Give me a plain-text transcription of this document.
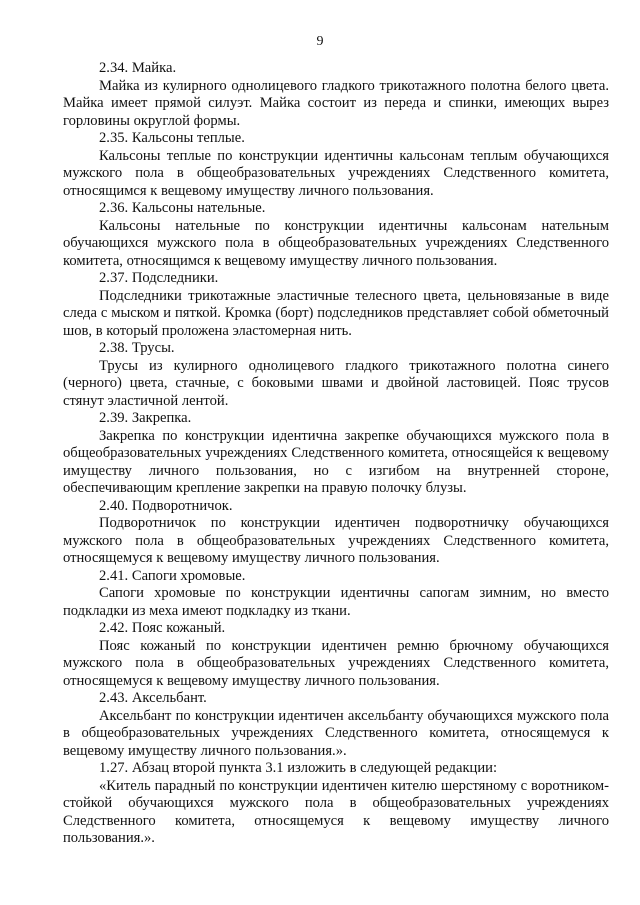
9

2.34. Майка.

Майка из кулирного однолицевого гладкого трикотажного полотна белого цвета. Майка имеет прямой силуэт. Майка состоит из переда и спинки, имеющих вырез горловины округлой формы.

2.35. Кальсоны теплые.

Кальсоны теплые по конструкции идентичны кальсонам теплым обучающихся мужского пола в общеобразовательных учреждениях Следственного комитета, относящимся к вещевому имуществу личного пользования.

2.36. Кальсоны нательные.

Кальсоны нательные по конструкции идентичны кальсонам нательным обучающихся мужского пола в общеобразовательных учреждениях Следственного комитета, относящимся к вещевому имуществу личного пользования.

2.37. Подследники.

Подследники трикотажные эластичные телесного цвета, цельновязаные в виде следа с мыском и пяткой. Кромка (борт) подследников представляет собой обметочный шов, в который проложена эластомерная нить.

2.38. Трусы.

Трусы из кулирного однолицевого гладкого трикотажного полотна синего (черного) цвета, стачные, с боковыми швами и двойной ластовицей. Пояс трусов стянут эластичной лентой.

2.39. Закрепка.

Закрепка по конструкции идентична закрепке обучающихся мужского пола в общеобразовательных учреждениях Следственного комитета, относящейся к вещевому имуществу личного пользования, но с изгибом на внутренней стороне, обеспечивающим крепление закрепки на правую полочку блузы.

2.40. Подворотничок.

Подворотничок по конструкции идентичен подворотничку обучающихся мужского пола в общеобразовательных учреждениях Следственного комитета, относящемуся к вещевому имуществу личного пользования.

2.41. Сапоги хромовые.

Сапоги хромовые по конструкции идентичны сапогам зимним, но вместо подкладки из меха имеют подкладку из ткани.

2.42. Пояс кожаный.

Пояс кожаный по конструкции идентичен ремню брючному обучающихся мужского пола в общеобразовательных учреждениях Следственного комитета, относящемуся к вещевому имуществу личного пользования.

2.43. Аксельбант.

Аксельбант по конструкции идентичен аксельбанту обучающихся мужского пола в общеобразовательных учреждениях Следственного комитета, относящемуся к вещевому имуществу личного пользования.».

1.27. Абзац второй пункта 3.1 изложить в следующей редакции:

«Китель парадный по конструкции идентичен кителю шерстяному с воротником-стойкой обучающихся мужского пола в общеобразовательных учреждениях Следственного комитета, относящемуся к вещевому имуществу личного пользования.».
